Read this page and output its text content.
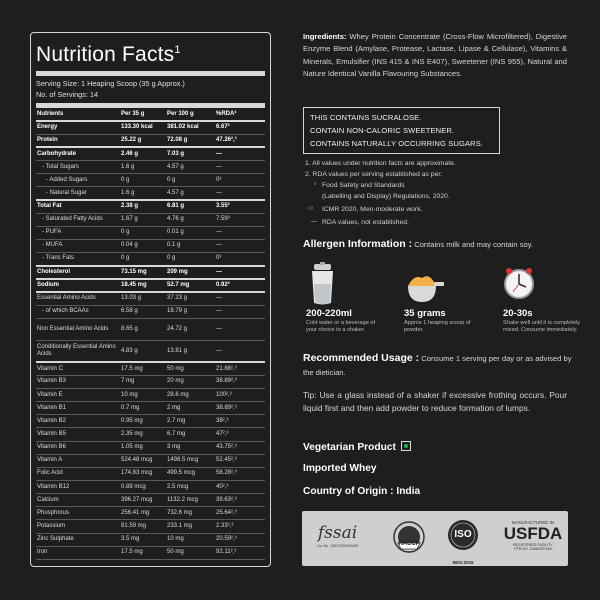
Nutrition Facts$^1$
Serving Size: 1 Heaping Scoop (35 g Approx.)
No. of Servings: 14
Nutrients	Per 35 g	Per 100 g	%RDA²
Energy	133.30 kcal	381.02 kcal	6.67³
Protein	25.22 g	72.08 g	47.26²,³
Carbohydrate	2.46 g	7.03 g	—
- Total Sugars	1.6 g	4.57 g	—
- Added Sugars	0 g	0 g	0³
- Natural Sugar	1.6 g	4.57 g	—
Total Fat	2.38 g	6.81 g	3.55³
- Saturated Fatty Acids	1.67 g	4.76 g	7.59³
- PUFA	0 g	0.01 g	—
- MUFA	0.04 g	0.1 g	—
- Trans Fats	0 g	0 g	0³
Cholesterol	73.15 mg	209 mg	—
Sodium	18.45 mg	52.7 mg	0.92³
Essential Amino Acids	13.03 g	37.23 g	—
- of which BCAAs	6.58 g	18.79 g	—
Non Essential Amino Acids	8.65 g	24.72 g	—
Conditionally Essential Amino Acids	4.83 g	13.81 g	—
Vitamin C	17.5 mg	50 mg	21.88²,³
Vitamin B3	7 mg	20 mg	38.89²,³
Vitamin E	10 mg	28.6 mg	100²,³
Vitamin B1	0.7 mg	2 mg	38.89²,³
Vitamin B2	0.95 mg	2.7 mg	38²,³
Vitamin B5	2.35 mg	6.7 mg	47²,³
Vitamin B6	1.05 mg	3 mg	43.75²,³
Vitamin A	524.48 mcg	1498.5 mcg	52.45²,³
Folic Acid	174.83 mcg	499.5 mcg	58.28²,³
Vitamin B12	0.88 mcg	2.5 mcg	40²,³
Calcium	396.27 mcg	1132.2 mcg	39.63²,³
Phosphorus	256.41 mg	732.6 mg	25.64²,³
Potassium	81.59 mg	233.1 mg	2.33²,³
Zinc Sulphate	3.5 mg	10 mg	20.59²,³
Iron	17.5 mg	50 mg	92.11²,³
Ingredients: Whey Protein Concentrate (Cross-Flow Microfiltered), Digestive Enzyme Blend (Amylase, Protease, Lactase, Lipase & Cellulase), Vitamins & Minerals, Emulsifier (INS 415 & INS E407), Sweetener (INS 955), Natural and Nature Identical Vanilla Flavouring Substances.
THIS CONTAINS SUCRALOSE.
CONTAIN NON-CALORIC SWEETENER.
CONTAINS NATURALLY OCCURRING SUGARS.
1. All values under nutrition facts are approximate.
2. RDA values per serving established as per:
³ Food Safety and Standards
(Labelling and Display) Regulations, 2020.
²,³ ICMR 2020, Men-moderate work.
— RDA values, not established.
Allergen Information : Contains milk and may contain soy.
200-220ml
Cold water or a beverage of your choice to a shaker.
35 grams
Approx 1 heaping scoop of powder.
20-30s
Shake well until it is completely mixed. Consume immediately.
Recommended Usage : Consume 1 serving per day or as advised by the dietician.
Tip: Use a glass instead of a shaker if excessive frothing occurs. Pour liquid first and then add powder to reduce formation of lumps.
Vegetarian Product
Imported Whey
Country of Origin : India
fssai
Lic. No. 10017022004439	HACCP
ISO
9001:2015
MANUFACTURED IN
USFDA
REGISTERED FACILITY
FFR NO. 15582097496
